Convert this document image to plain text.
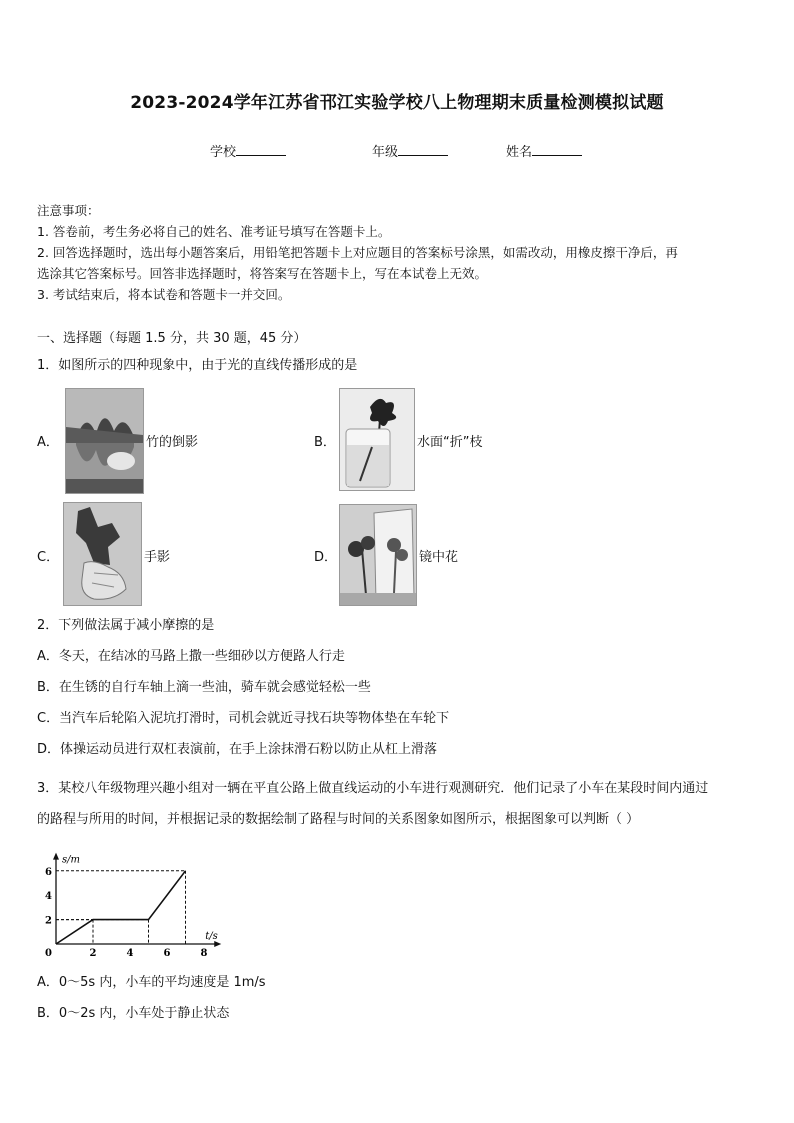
2023-2024学年江苏省邗江实验学校八上物理期末质量检测模拟试题
学校	年级	姓名
注意事项：
1. 答卷前，考生务必将自己的姓名、准考证号填写在答题卡上。
2. 回答选择题时，选出每小题答案后，用铅笔把答题卡上对应题目的答案标号涂黑，如需改动，用橡皮擦干净后，再
选涂其它答案标号。回答非选择题时，将答案写在答题卡上，写在本试卷上无效。
3. 考试结束后，将本试卷和答题卡一并交回。
一、选择题（每题 1.5 分，共 30 题，45 分）
1．如图所示的四种现象中，由于光的直线传播形成的是
A．	竹的倒影	B．	水面“折”枝
C．	手影	D．	镜中花
2．下列做法属于减小摩擦的是
A．冬天，在结冰的马路上撒一些细砂以方便路人行走
B．在生锈的自行车轴上滴一些油，骑车就会感觉轻松一些
C．当汽车后轮陷入泥坑打滑时，司机会就近寻找石块等物体垫在车轮下
D．体操运动员进行双杠表演前，在手上涂抹滑石粉以防止从杠上滑落
3．某校八年级物理兴趣小组对一辆在平直公路上做直线运动的小车进行观测研究．他们记录了小车在某段时间内通过
的路程与所用的时间，并根据记录的数据绘制了路程与时间的关系图象如图所示，根据图象可以判断（ ）
2	4	6	8
2
4
6
0
t/s
s/m
A．0～5s 内，小车的平均速度是 1m/s
B．0～2s 内，小车处于静止状态
